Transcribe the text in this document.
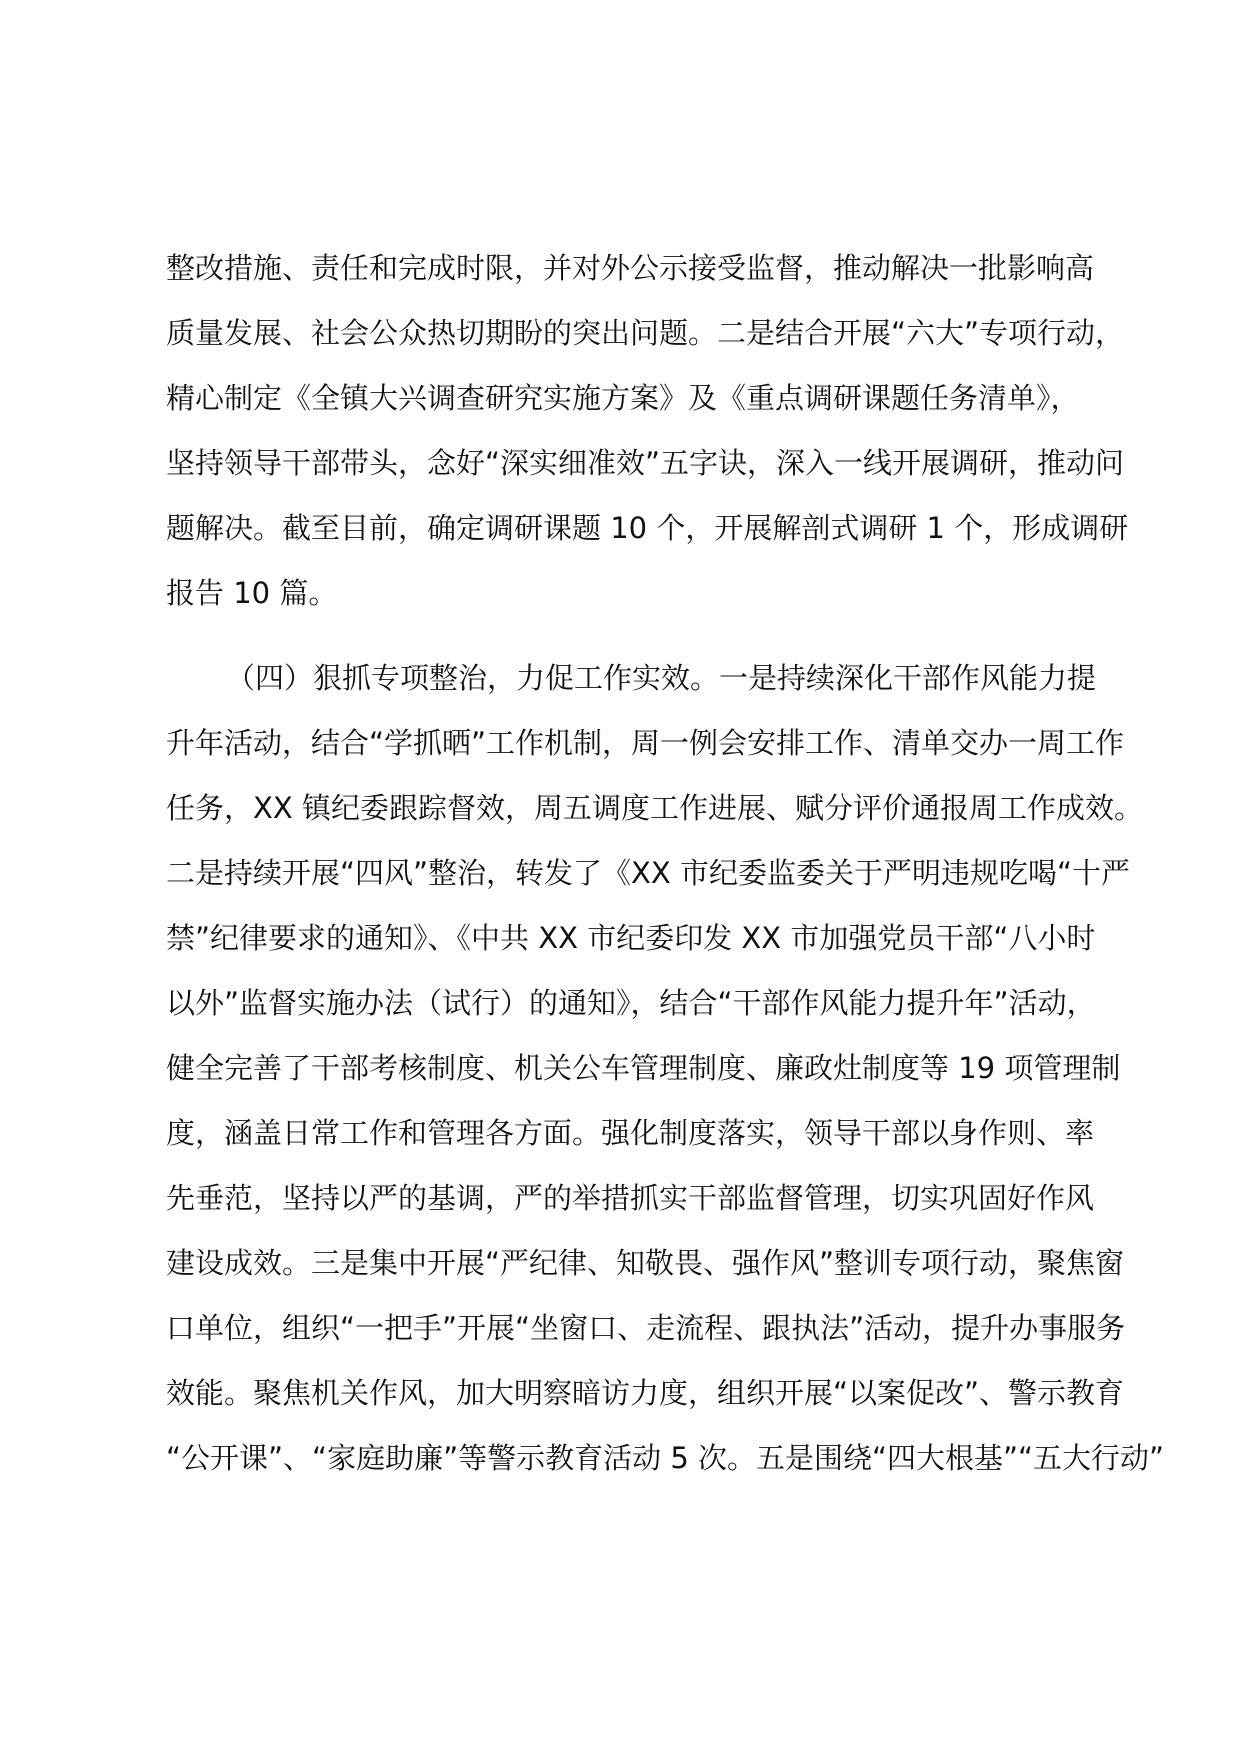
整改措施、责任和完成时限，并对外公示接受监督，推动解决一批影响高
质量发展、社会公众热切期盼的突出问题。二是结合开展“六大”专项行动，
精心制定《全镇大兴调查研究实施方案》及《重点调研课题任务清单》，
坚持领导干部带头，念好“深实细准效”五字诀，深入一线开展调研，推动问
题解决。截至目前，确定调研课题 10 个，开展解剖式调研 1 个，形成调研
报告 10 篇。
（四）狠抓专项整治，力促工作实效。一是持续深化干部作风能力提
升年活动，结合“学抓晒”工作机制，周一例会安排工作、清单交办一周工作
任务，XX 镇纪委跟踪督效，周五调度工作进展、赋分评价通报周工作成效。
二是持续开展“四风”整治，转发了《XX 市纪委监委关于严明违规吃喝“十严
禁”纪律要求的通知》、《中共 XX 市纪委印发 XX 市加强党员干部“八小时
以外”监督实施办法（试行）的通知》，结合“干部作风能力提升年”活动，
健全完善了干部考核制度、机关公车管理制度、廉政灶制度等 19 项管理制
度，涵盖日常工作和管理各方面。强化制度落实，领导干部以身作则、率
先垂范，坚持以严的基调，严的举措抓实干部监督管理，切实巩固好作风
建设成效。三是集中开展“严纪律、知敬畏、强作风”整训专项行动，聚焦窗
口单位，组织“一把手”开展“坐窗口、走流程、跟执法”活动，提升办事服务
效能。聚焦机关作风，加大明察暗访力度，组织开展“以案促改”、警示教育
“公开课”、“家庭助廉”等警示教育活动 5 次。五是围绕“四大根基”“五大行动”
